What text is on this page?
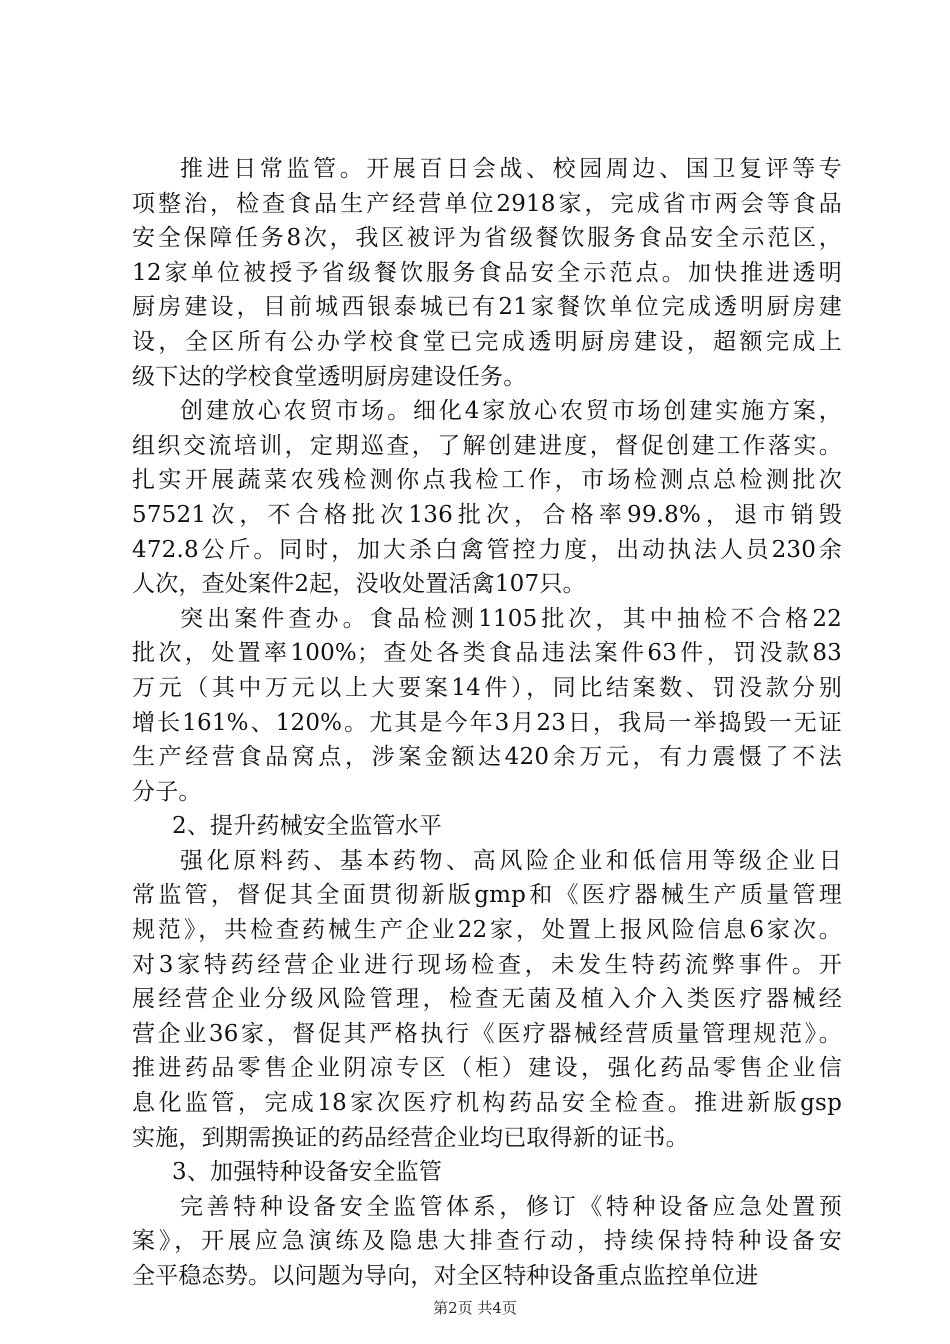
推进日常监管。开展百日会战、校园周边、国卫复评等专
项整治，检查食品生产经营单位2918家，完成省市两会等食品
安全保障任务8次，我区被评为省级餐饮服务食品安全示范区，
12家单位被授予省级餐饮服务食品安全示范点。加快推进透明
厨房建设，目前城西银泰城已有21家餐饮单位完成透明厨房建
设，全区所有公办学校食堂已完成透明厨房建设，超额完成上
级下达的学校食堂透明厨房建设任务。
创建放心农贸市场。细化4家放心农贸市场创建实施方案，
组织交流培训，定期巡查，了解创建进度，督促创建工作落实。
扎实开展蔬菜农残检测你点我检工作，市场检测点总检测批次
57521次，不合格批次136批次，合格率99.8%，退市销毁
472.8公斤。同时，加大杀白禽管控力度，出动执法人员230余
人次，查处案件2起，没收处置活禽107只。
突出案件查办。食品检测1105批次，其中抽检不合格22
批次，处置率100%；查处各类食品违法案件63件，罚没款83
万元（其中万元以上大要案14件），同比结案数、罚没款分别
增长161%、120%。尤其是今年3月23日，我局一举捣毁一无证
生产经营食品窝点，涉案金额达420余万元，有力震慑了不法
分子。
2、提升药械安全监管水平
强化原料药、基本药物、高风险企业和低信用等级企业日
常监管，督促其全面贯彻新版gmp和《医疗器械生产质量管理
规范》，共检查药械生产企业22家，处置上报风险信息6家次。
对3家特药经营企业进行现场检查，未发生特药流弊事件。开
展经营企业分级风险管理，检查无菌及植入介入类医疗器械经
营企业36家，督促其严格执行《医疗器械经营质量管理规范》。
推进药品零售企业阴凉专区（柜）建设，强化药品零售企业信
息化监管，完成18家次医疗机构药品安全检查。推进新版gsp
实施，到期需换证的药品经营企业均已取得新的证书。
3、加强特种设备安全监管
完善特种设备安全监管体系，修订《特种设备应急处置预
案》，开展应急演练及隐患大排查行动，持续保持特种设备安
全平稳态势。以问题为导向，对全区特种设备重点监控单位进
第2页 共4页
